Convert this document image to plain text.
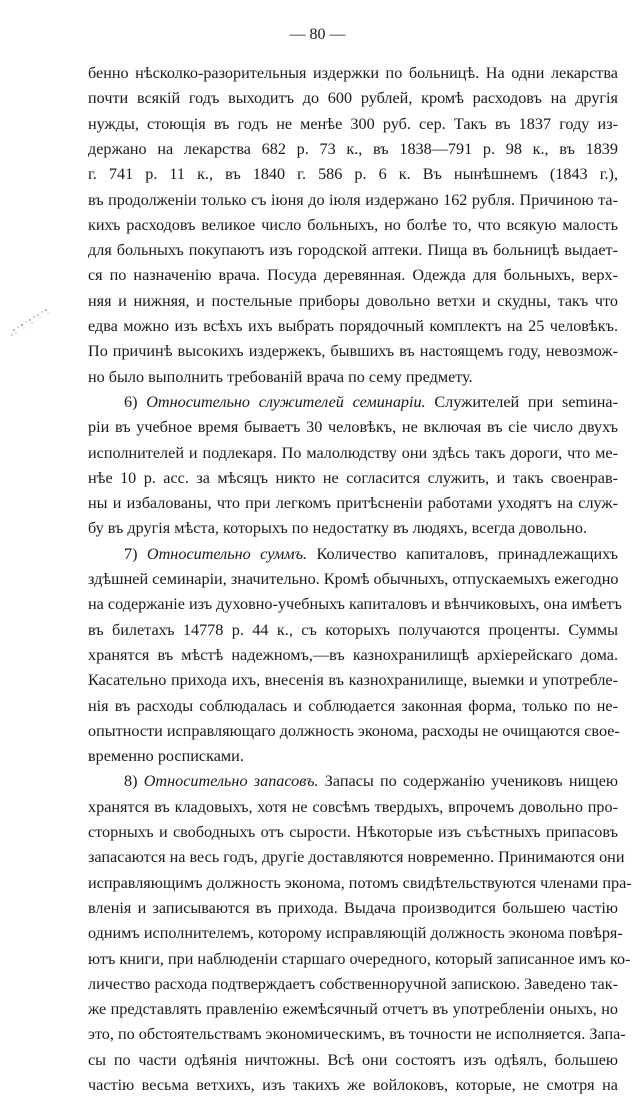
— 80 —
бенно нѣсколко-разорительныя издержки по больницѣ. На одни лекарства
почти всякій годъ выходитъ до 600 рублей, кромѣ расходовъ на другія
нужды, стоющія въ годъ не менѣе 300 руб. сер. Такъ въ 1837 году из-
держано на лекарства 682 р. 73 к., въ 1838—791 р. 98 к., въ 1839
г. 741 р. 11 к., въ 1840 г. 586 р. 6 к. Въ нынѣшнемъ (1843 г.),
въ продолженіи только съ іюня до іюля издержано 162 рубля. Причиною та-
кихъ расходовъ великое число больныхъ, но болѣе то, что всякую малость
для больныхъ покупаютъ изъ городской аптеки. Пища въ больницѣ выдает-
ся по назначенію врача. Посуда деревянная. Одежда для больныхъ, верх-
няя и нижняя, и постельные приборы довольно ветхи и скудны, такъ что
едва можно изъ всѣхъ ихъ выбрать порядочный комплектъ на 25 человѣкъ.
По причинѣ высокихъ издержекъ, бывшихъ въ настоящемъ году, невозмож-
но было выполнить требованій врача по сему предмету.
6) Относительно служителей семинаріи. Служителей при semина-
ріи въ учебное время бываетъ 30 человѣкъ, не включая въ сіе число двухъ
исполнителей и подлекаря. По малолюдству они здѣсь такъ дороги, что ме-
нѣе 10 р. асс. за мѣсяцъ никто не согласится служить, и такъ своенрав-
ны и избалованы, что при легкомъ притѣсненіи работами уходятъ на служ-
бу въ другія мѣста, которыхъ по недостатку въ людяхъ, всегда довольно.
7) Относительно суммъ. Количество капиталовъ, принадлежащихъ
здѣшней семинаріи, значительно. Кромѣ обычныхъ, отпускаемыхъ ежегодно
на содержаніе изъ духовно-учебныхъ капиталовъ и вѣнчиковыхъ, она имѣетъ
въ билетахъ 14778 р. 44 к., съ которыхъ получаются проценты. Суммы
хранятся въ мѣстѣ надежномъ,—въ казнохранилищѣ архіерейскаго дома.
Касательно прихода ихъ, внесенія въ казнохранилище, выемки и употребле-
нія въ расходы соблюдалась и соблюдается законная форма, только по не-
опытности исправляющаго должность эконома, расходы не очищаются свое-
временно росписками.
8) Относительно запасовъ. Запасы по содержанію учениковъ нищею
хранятся въ кладовыхъ, хотя не совсѣмъ твердыхъ, впрочемъ довольно про-
сторныхъ и свободныхъ отъ сырости. Нѣкоторые изъ съѣстныхъ припасовъ
запасаются на весь годъ, другіе доставляются новременно. Принимаются они
исправляющимъ должность эконома, потомъ свидѣтельствуются членами пра-
вленія и записываются въ прихода. Выдача производится большею частію
однимъ исполнителемъ, которому исправляющій должность эконома повѣря-
ютъ книги, при наблюденіи старшаго очередного, который записанное имъ ко-
личество расхода подтверждаетъ собственноручной запискою. Заведено так-
же представлять правленію ежемѣсячный отчетъ въ употребленіи оныхъ, но
это, по обстоятельствамъ экономическимъ, въ точности не исполняется. Запа-
сы по части одѣянія ничтожны. Всѣ они состоятъ изъ одѣялъ, большею
частію весьма ветхихъ, изъ такихъ же войлоковъ, которые, не смотря на
